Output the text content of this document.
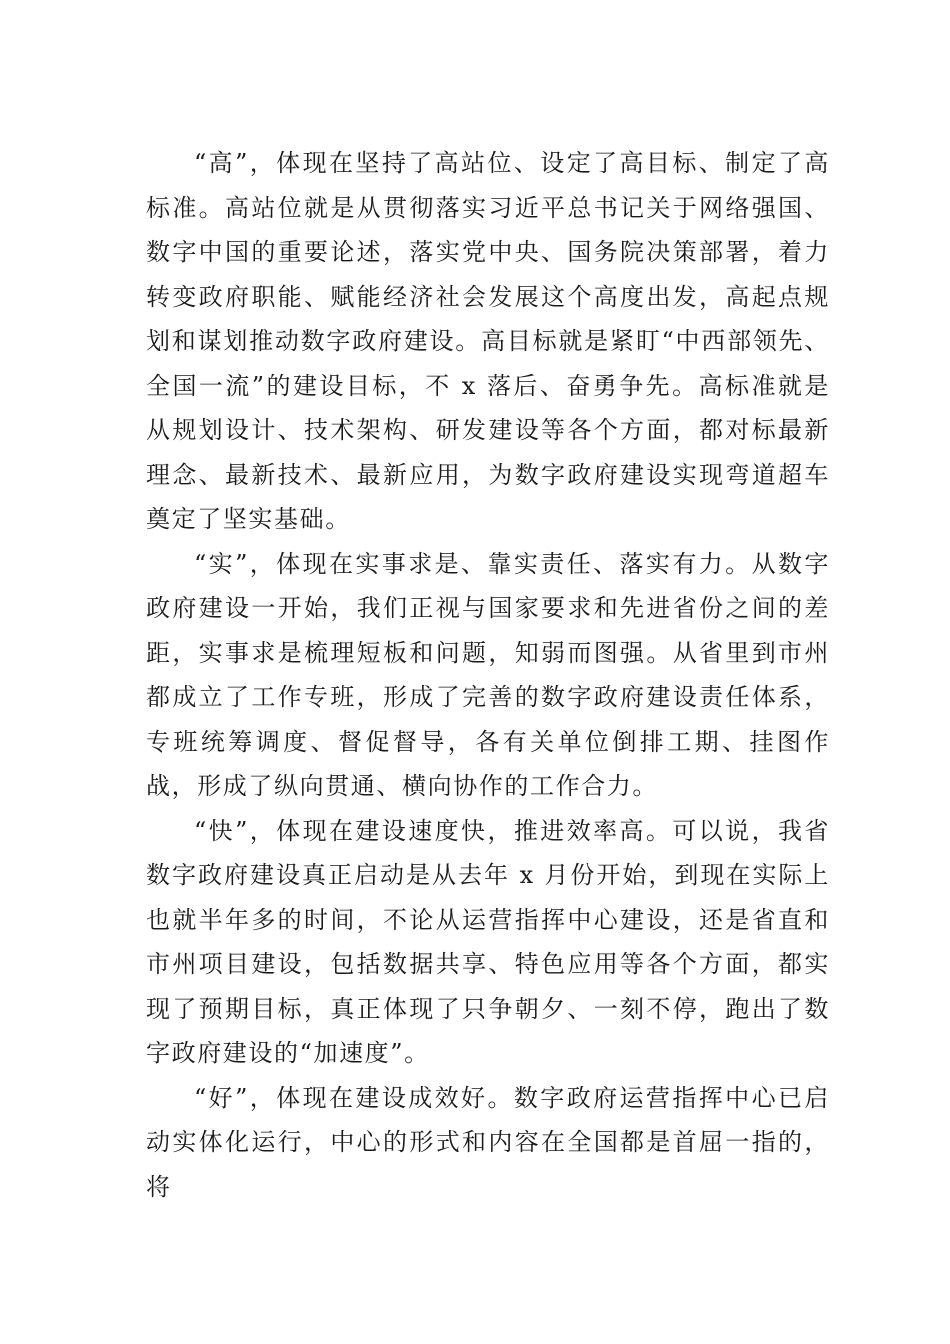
“高”，体现在坚持了高站位、设定了高目标、制定了高标准。高站位就是从贯彻落实习近平总书记关于网络强国、数字中国的重要论述，落实党中央、国务院决策部署，着力转变政府职能、赋能经济社会发展这个高度出发，高起点规划和谋划推动数字政府建设。高目标就是紧盯“中西部领先、全国一流”的建设目标，不 x 落后、奋勇争先。高标准就是从规划设计、技术架构、研发建设等各个方面，都对标最新理念、最新技术、最新应用，为数字政府建设实现弯道超车奠定了坚实基础。

“实”，体现在实事求是、靠实责任、落实有力。从数字政府建设一开始，我们正视与国家要求和先进省份之间的差距，实事求是梳理短板和问题，知弱而图强。从省里到市州都成立了工作专班，形成了完善的数字政府建设责任体系，专班统筹调度、督促督导，各有关单位倒排工期、挂图作战，形成了纵向贯通、横向协作的工作合力。

“快”，体现在建设速度快，推进效率高。可以说，我省数字政府建设真正启动是从去年 x 月份开始，到现在实际上也就半年多的时间，不论从运营指挥中心建设，还是省直和市州项目建设，包括数据共享、特色应用等各个方面，都实现了预期目标，真正体现了只争朝夕、一刻不停，跑出了数字政府建设的“加速度”。

“好”，体现在建设成效好。数字政府运营指挥中心已启动实体化运行，中心的形式和内容在全国都是首屈一指的，将
